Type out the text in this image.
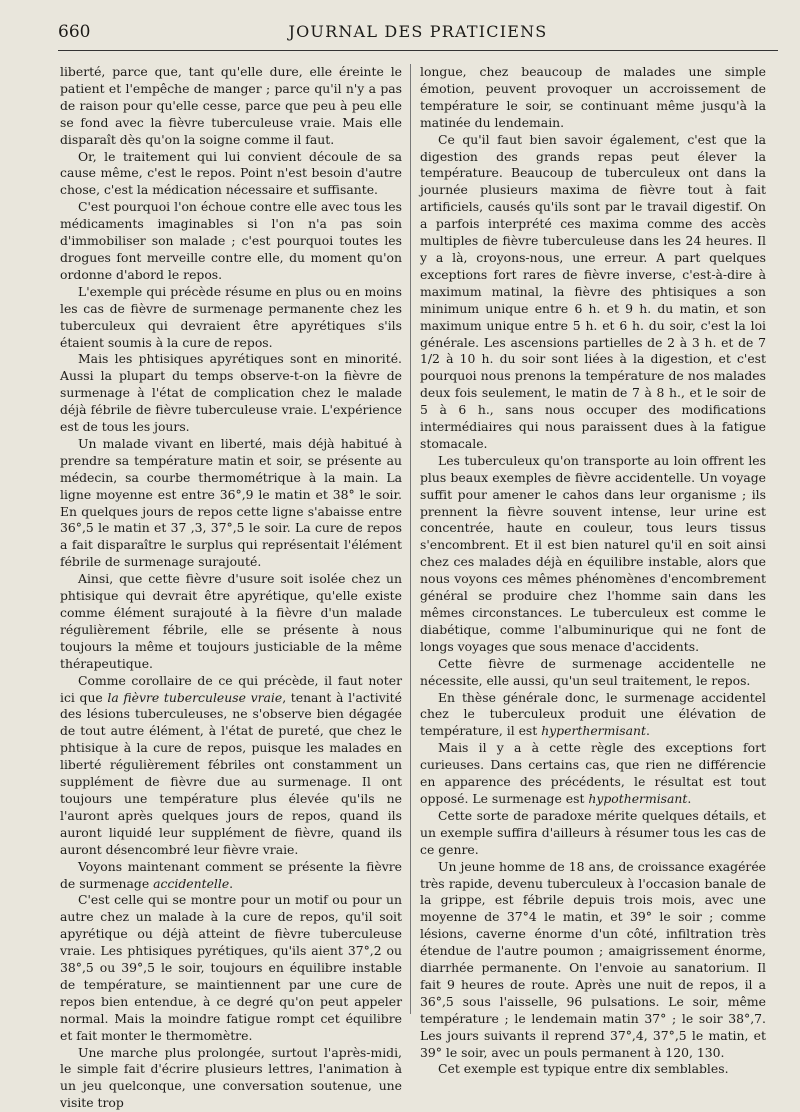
660	JOURNAL DES PRATICIENS

liberté, parce que, tant qu'elle dure, elle éreinte le patient et l'empêche de manger ; parce qu'il n'y a pas de raison pour qu'elle cesse, parce que peu à peu elle se fond avec la fièvre tuberculeuse vraie. Mais elle disparaît dès qu'on la soigne comme il faut.

Or, le traitement qui lui convient découle de sa cause même, c'est le repos. Point n'est besoin d'autre chose, c'est la médication nécessaire et suffisante.

C'est pourquoi l'on échoue contre elle avec tous les médicaments imaginables si l'on n'a pas soin d'immobiliser son malade ; c'est pourquoi toutes les drogues font merveille contre elle, du moment qu'on ordonne d'abord le repos.

L'exemple qui précède résume en plus ou en moins les cas de fièvre de surmenage permanente chez les tuberculeux qui devraient être apyrétiques s'ils étaient soumis à la cure de repos.

Mais les phtisiques apyrétiques sont en minorité. Aussi la plupart du temps observe-t-on la fièvre de surmenage à l'état de complication chez le malade déjà fébrile de fièvre tuberculeuse vraie. L'expérience est de tous les jours.

Un malade vivant en liberté, mais déjà habitué à prendre sa température matin et soir, se présente au médecin, sa courbe thermométrique à la main. La ligne moyenne est entre 36°,9 le matin et 38° le soir. En quelques jours de repos cette ligne s'abaisse entre 36°,5 le matin et 37 ,3, 37°,5 le soir. La cure de repos a fait disparaître le surplus qui représentait l'élément fébrile de surmenage surajouté.

Ainsi, que cette fièvre d'usure soit isolée chez un phtisique qui devrait être apyrétique, qu'elle existe comme élément surajouté à la fièvre d'un malade régulièrement fébrile, elle se présente à nous toujours la même et toujours justiciable de la même thérapeutique.

Comme corollaire de ce qui précède, il faut noter ici que la fièvre tuberculeuse vraie, tenant à l'activité des lésions tuberculeuses, ne s'observe bien dégagée de tout autre élément, à l'état de pureté, que chez le phtisique à la cure de repos, puisque les malades en liberté régulièrement fébriles ont constamment un supplément de fièvre due au surmenage. Il ont toujours une température plus élevée qu'ils ne l'auront après quelques jours de repos, quand ils auront liquidé leur supplément de fièvre, quand ils auront désencombré leur fièvre vraie.

Voyons maintenant comment se présente la fièvre de surmenage accidentelle.

C'est celle qui se montre pour un motif ou pour un autre chez un malade à la cure de repos, qu'il soit apyrétique ou déjà atteint de fièvre tuberculeuse vraie. Les phtisiques pyrétiques, qu'ils aient 37°,2 ou 38°,5 ou 39°,5 le soir, toujours en équilibre instable de température, se maintiennent par une cure de repos bien entendue, à ce degré qu'on peut appeler normal. Mais la moindre fatigue rompt cet équilibre et fait monter le thermomètre.

Une marche plus prolongée, surtout l'après-midi, le simple fait d'écrire plusieurs lettres, l'animation à un jeu quelconque, une conversation soutenue, une visite trop

longue, chez beaucoup de malades une simple émotion, peuvent provoquer un accroissement de température le soir, se continuant même jusqu'à la matinée du lendemain.

Ce qu'il faut bien savoir également, c'est que la digestion des grands repas peut élever la température. Beaucoup de tuberculeux ont dans la journée plusieurs maxima de fièvre tout à fait artificiels, causés qu'ils sont par le travail digestif. On a parfois interprété ces maxima comme des accès multiples de fièvre tuberculeuse dans les 24 heures. Il y a là, croyons-nous, une erreur. A part quelques exceptions fort rares de fièvre inverse, c'est-à-dire à maximum matinal, la fièvre des phtisiques a son minimum unique entre 6 h. et 9 h. du matin, et son maximum unique entre 5 h. et 6 h. du soir, c'est la loi générale. Les ascensions partielles de 2 à 3 h. et de 7 1/2 à 10 h. du soir sont liées à la digestion, et c'est pourquoi nous prenons la température de nos malades deux fois seulement, le matin de 7 à 8 h., et le soir de 5 à 6 h., sans nous occuper des modifications intermédiaires qui nous paraissent dues à la fatigue stomacale.

Les tuberculeux qu'on transporte au loin offrent les plus beaux exemples de fièvre accidentelle. Un voyage suffit pour amener le cahos dans leur organisme ; ils prennent la fièvre souvent intense, leur urine est concentrée, haute en couleur, tous leurs tissus s'encombrent. Et il est bien naturel qu'il en soit ainsi chez ces malades déjà en équilibre instable, alors que nous voyons ces mêmes phénomènes d'encombrement général se produire chez l'homme sain dans les mêmes circonstances. Le tuberculeux est comme le diabétique, comme l'albuminurique qui ne font de longs voyages que sous menace d'accidents.

Cette fièvre de surmenage accidentelle ne nécessite, elle aussi, qu'un seul traitement, le repos.

En thèse générale donc, le surmenage accidentel chez le tuberculeux produit une élévation de température, il est hyperthermisant.

Mais il y a à cette règle des exceptions fort curieuses. Dans certains cas, que rien ne différencie en apparence des précédents, le résultat est tout opposé. Le surmenage est hypothermisant.

Cette sorte de paradoxe mérite quelques détails, et un exemple suffira d'ailleurs à résumer tous les cas de ce genre.

Un jeune homme de 18 ans, de croissance exagérée très rapide, devenu tuberculeux à l'occasion banale de la grippe, est fébrile depuis trois mois, avec une moyenne de 37°4 le matin, et 39° le soir ; comme lésions, caverne énorme d'un côté, infiltration très étendue de l'autre poumon ; amaigrissement énorme, diarrhée permanente. On l'envoie au sanatorium. Il fait 9 heures de route. Après une nuit de repos, il a 36°,5 sous l'aisselle, 96 pulsations. Le soir, même température ; le lendemain matin 37° ; le soir 38°,7. Les jours suivants il reprend 37°,4, 37°,5 le matin, et 39° le soir, avec un pouls permanent à 120, 130.

Cet exemple est typique entre dix semblables.
